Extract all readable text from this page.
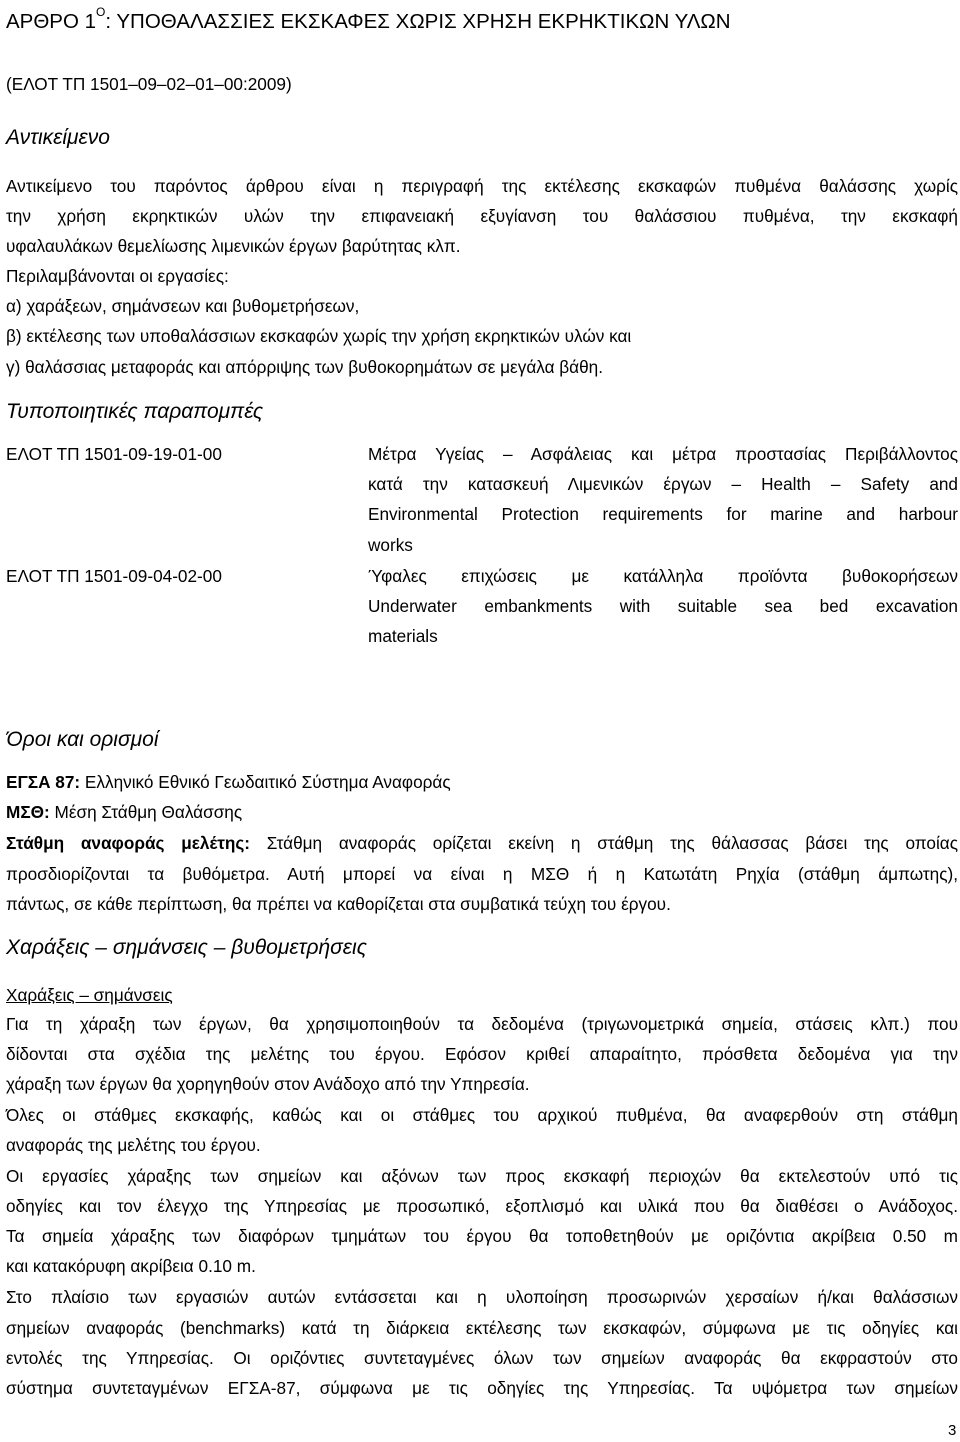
ΑΡΘΡΟ $1^O$: ΥΠΟΘΑΛΑΣΣΙΕΣ ΕΚΣΚΑΦΕΣ ΧΩΡΙΣ ΧΡΗΣΗ ΕΚΡΗΚΤΙΚΩΝ ΥΛΩΝ
(ΕΛΟΤ ΤΠ 1501–09–02–01–00:2009)
Αντικείμενο
Αντικείμενο του παρόντος άρθρου είναι η περιγραφή της εκτέλεσης εκσκαφών πυθμένα θαλάσσης χωρίς
την χρήση εκρηκτικών υλών την επιφανειακή εξυγίανση του θαλάσσιου πυθμένα, την εκσκαφή
υφαλαυλάκων θεμελίωσης λιμενικών έργων βαρύτητας κλπ.
Περιλαμβάνονται οι εργασίες:
α) χαράξεων, σημάνσεων και βυθομετρήσεων,
β) εκτέλεσης των υποθαλάσσιων εκσκαφών χωρίς την χρήση εκρηκτικών υλών και
γ) θαλάσσιας μεταφοράς και απόρριψης των βυθοκορημάτων σε μεγάλα βάθη.
Τυποποιητικές παραπομπές
ΕΛΟΤ ΤΠ 1501-09-19-01-00	Μέτρα Υγείας – Ασφάλειας και μέτρα προστασίας Περιβάλλοντος
κατά την κατασκευή Λιμενικών έργων – Health – Safety and
Environmental Protection requirements for marine and harbour
works
ΕΛΟΤ ΤΠ 1501-09-04-02-00	Ύφαλες επιχώσεις με κατάλληλα προϊόντα βυθοκορήσεων
Underwater embankments with suitable sea bed excavation
materials
Όροι και ορισμοί
ΕΓΣΑ 87: Ελληνικό Εθνικό Γεωδαιτικό Σύστημα Αναφοράς
ΜΣΘ: Μέση Στάθμη Θαλάσσης
Στάθμη αναφοράς μελέτης: Στάθμη αναφοράς ορίζεται εκείνη η στάθμη της θάλασσας βάσει της οποίας
προσδιορίζονται τα βυθόμετρα. Αυτή μπορεί να είναι η ΜΣΘ ή η Κατωτάτη Ρηχία (στάθμη άμπωτης),
πάντως, σε κάθε περίπτωση, θα πρέπει να καθορίζεται στα συμβατικά τεύχη του έργου.
Χαράξεις – σημάνσεις – βυθομετρήσεις
Χαράξεις – σημάνσεις
Για τη χάραξη των έργων, θα χρησιμοποιηθούν τα δεδομένα (τριγωνομετρικά σημεία, στάσεις κλπ.) που
δίδονται στα σχέδια της μελέτης του έργου. Εφόσον κριθεί απαραίτητο, πρόσθετα δεδομένα για την
χάραξη των έργων θα χορηγηθούν στον Ανάδοχο από την Υπηρεσία.
Όλες οι στάθμες εκσκαφής, καθώς και οι στάθμες του αρχικού πυθμένα, θα αναφερθούν στη στάθμη
αναφοράς της μελέτης του έργου.
Οι εργασίες χάραξης των σημείων και αξόνων των προς εκσκαφή περιοχών θα εκτελεστούν υπό τις
οδηγίες και τον έλεγχο της Υπηρεσίας με προσωπικό, εξοπλισμό και υλικά που θα διαθέσει ο Ανάδοχος.
Τα σημεία χάραξης των διαφόρων τμημάτων του έργου θα τοποθετηθούν με οριζόντια ακρίβεια 0.50 m
και κατακόρυφη ακρίβεια 0.10 m.
Στο πλαίσιο των εργασιών αυτών εντάσσεται και η υλοποίηση προσωρινών χερσαίων ή/και θαλάσσιων
σημείων αναφοράς (benchmarks) κατά τη διάρκεια εκτέλεσης των εκσκαφών, σύμφωνα με τις οδηγίες και
εντολές της Υπηρεσίας. Οι οριζόντιες συντεταγμένες όλων των σημείων αναφοράς θα εκφραστούν στο
σύστημα συντεταγμένων ΕΓΣΑ-87, σύμφωνα με τις οδηγίες της Υπηρεσίας. Τα υψόμετρα των σημείων
3
